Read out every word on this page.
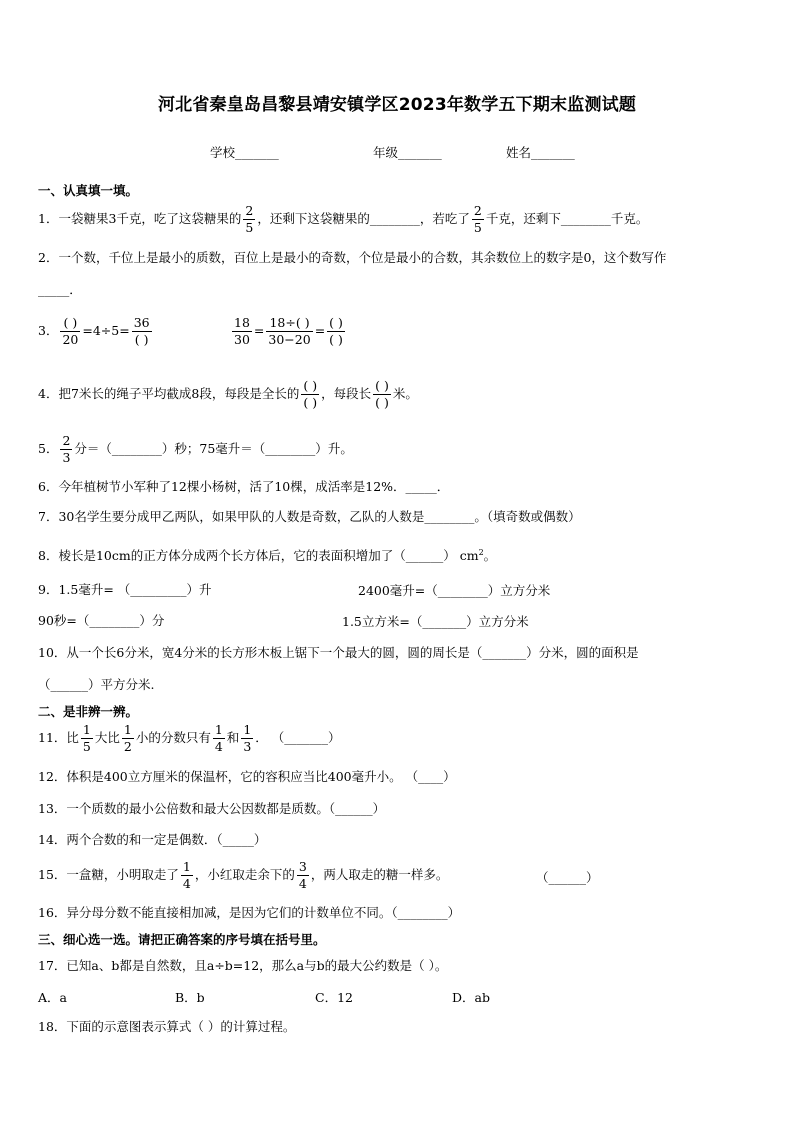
河北省秦皇岛昌黎县靖安镇学区2023年数学五下期末监测试题
学校_______	年级_______	姓名_______
一、认真填一填。
1．一袋糖果3千克，吃了这袋糖果的 $\frac{2}{5}$ ，还剩下这袋糖果的________，若吃了 $\frac{2}{5}$ 千克，还剩下________千克。
2．一个数，千位上是最小的质数，百位上是最小的奇数，个位是最小的合数，其余数位上的数字是0，这个数写作
_____．
3． $\frac{( )}{20} =4\div 5= \frac{36}{( )}$	$\frac{18}{30} = \frac{18\div( )}{30-20} = \frac{( )}{( )}$
4．把7米长的绳子平均截成8段，每段是全长的 $\frac{( )}{( )}$ ，每段长 $\frac{( )}{( )}$ 米。
5． $\frac{2}{3}$ 分＝（________）秒；75毫升＝（________）升。
6．今年植树节小军种了12棵小杨树，活了10棵，成活率是12%．_____．
7．30名学生要分成甲乙两队，如果甲队的人数是奇数，乙队的人数是________。（填奇数或偶数）
8．棱长是10cm的正方体分成两个长方体后，它的表面积增加了（______） $cm^2$。
9．1.5毫升= （_________）升	2400毫升=（________）立方分米
90秒=（________）分	1.5立方米=（_______）立方分米
10．从一个长6分米，宽4分米的长方形木板上锯下一个最大的圆，圆的周长是（_______）分米，圆的面积是
（______）平方分米.
二、是非辨一辨。
11．比 $\frac{1}{5}$ 大比 $\frac{1}{2}$ 小的分数只有 $\frac{1}{4}$ 和 $\frac{1}{3}$ ． （_______）
12．体积是400立方厘米的保温杯，它的容积应当比400毫升小。 （____）
13．一个质数的最小公倍数和最大公因数都是质数。（______）
14．两个合数的和一定是偶数．（_____）
15．一盒糖，小明取走了 $\frac{1}{4}$ ，小红取走余下的 $\frac{3}{4}$ ，两人取走的糖一样多。	（______）
16．异分母分数不能直接相加减，是因为它们的计数单位不同。（________）
三、细心选一选。请把正确答案的序号填在括号里。
17．已知a、b都是自然数，且a÷b=12，那么a与b的最大公约数是（ ）。
A．a	B．b	C．12	D．ab
18．下面的示意图表示算式（ ）的计算过程。
